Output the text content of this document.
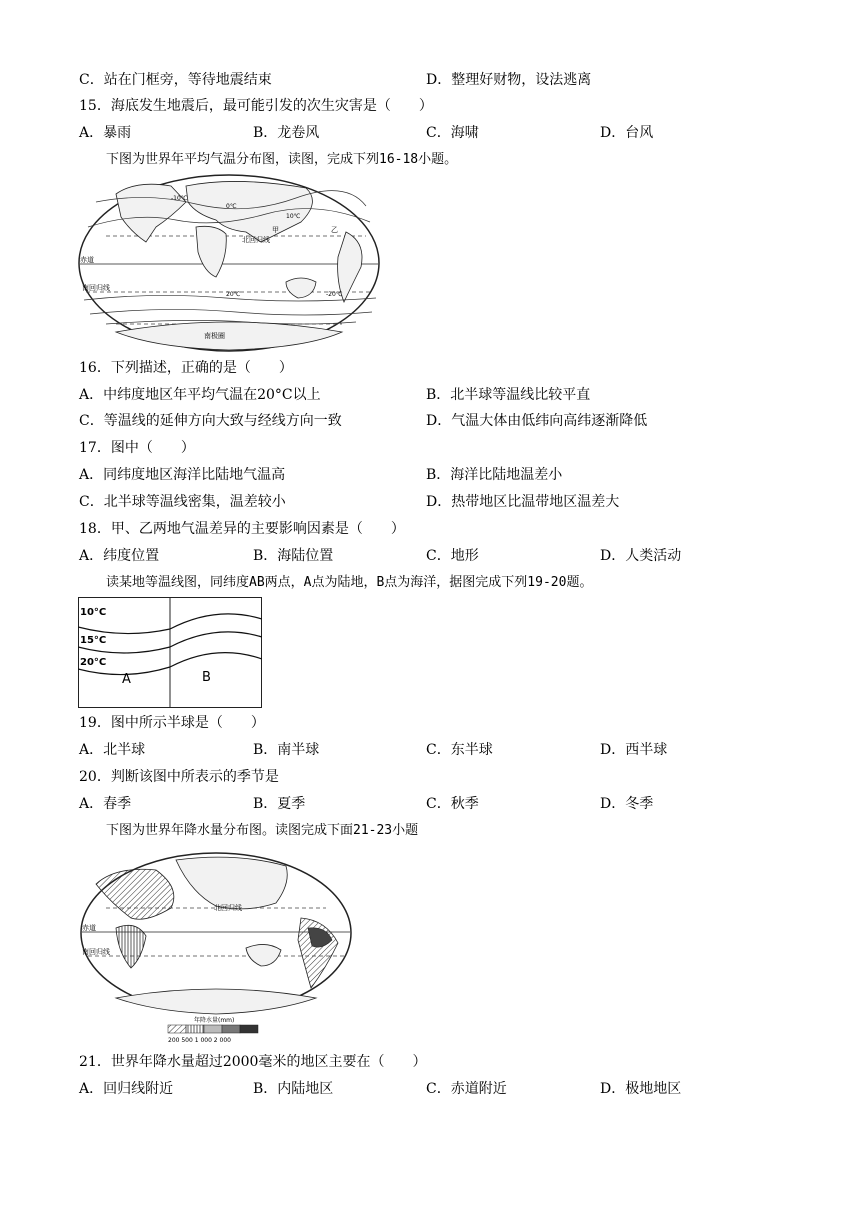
C．站在门框旁，等待地震结束	D．整理好财物，设法逃离
15．海底发生地震后，最可能引发的次生灾害是（　　）
A．暴雨	B．龙卷风	C．海啸	D．台风
下图为世界年平均气温分布图，读图，完成下列16-18小题。
北回归线
赤道
南回归线
甲	乙
-10℃
0℃
10℃
20℃	-20℃
南极圈
16．下列描述，正确的是（　　）
A．中纬度地区年平均气温在20°C以上	B．北半球等温线比较平直
C．等温线的延伸方向大致与经线方向一致	D．气温大体由低纬向高纬逐渐降低
17．图中（　　）
A．同纬度地区海洋比陆地气温高	B．海洋比陆地温差小
C．北半球等温线密集，温差较小	D．热带地区比温带地区温差大
18．甲、乙两地气温差异的主要影响因素是（　　）
A．纬度位置	B．海陆位置	C．地形	D．人类活动
读某地等温线图，同纬度AB两点，A点为陆地，B点为海洋，据图完成下列19-20题。
10°C
15°C
20°C
A	B
19．图中所示半球是（　　）
A．北半球	B．南半球	C．东半球	D．西半球
20．判断该图中所表示的季节是
A．春季	B．夏季	C．秋季	D．冬季
下图为世界年降水量分布图。读图完成下面21-23小题
北回归线
赤道
南回归线
年降水量(mm)
200 500 1 000 2 000
21．世界年降水量超过2000毫米的地区主要在（　　）
A．回归线附近	B．内陆地区	C．赤道附近	D．极地地区
